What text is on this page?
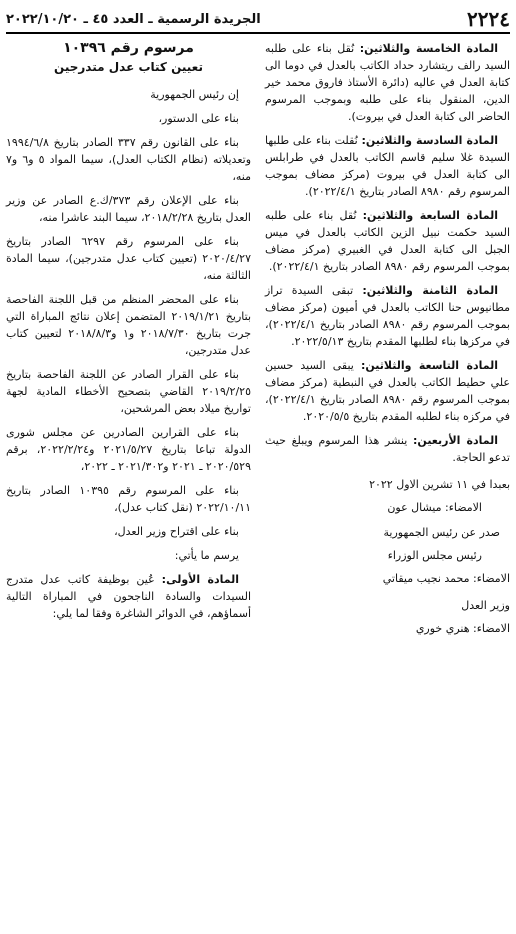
٢٢٢٤
الجريدة الرسمية ـ العدد ٤٥ ـ ٢٠٢٢/١٠/٢٠

المادة الخامسة والثلاثين: نُقل بناء على طلبه السيد رالف ريتشارد حداد الكاتب بالعدل في دوما الى كتابة العدل في عاليه (دائرة الأستاذ فاروق محمد خير الدين، المنقول بناء على طلبه وبموجب المرسوم الحاضر الى كتابة العدل في بيروت).

المادة السادسة والثلاثين: نُقلت بناء على طلبها السيدة غلا سليم قاسم الكاتب بالعدل في طرابلس الى كتابة العدل في بيروت (مركز مضاف بموجب المرسوم رقم ٨٩٨٠ الصادر بتاريخ ٢٠٢٢/٤/١).

المادة السابعة والثلاثين: نُقل بناء على طلبه السيد حكمت نبيل الزين الكاتب بالعدل في ميس الجبل الى كتابة العدل في الغبيري (مركز مضاف بموجب المرسوم رقم ٨٩٨٠ الصادر بتاريخ ٢٠٢٢/٤/١).

المادة الثامنة والثلاثين: تبقى السيدة تراز مطانيوس حنا الكاتب بالعدل في أميون (مركز مضاف بموجب المرسوم رقم ٨٩٨٠ الصادر بتاريخ ٢٠٢٢/٤/١)، في مركزها بناء لطلبها المقدم بتاريخ ٢٠٢٢/٥/١٣.

المادة التاسعة والثلاثين: يبقى السيد حسين علي حطيط الكاتب بالعدل في النبطية (مركز مضاف بموجب المرسوم رقم ٨٩٨٠ الصادر بتاريخ ٢٠٢٢/٤/١)، في مركزه بناء لطلبه المقدم بتاريخ ٢٠٢٠/٥/٥.

المادة الأربعين: ينشر هذا المرسوم ويبلغ حيث تدعو الحاجة.

بعبدا في ١١ تشرين الاول ٢٠٢٢

الامضاء: ميشال عون

صدر عن رئيس الجمهورية

رئيس مجلس الوزراء

الامضاء: محمد نجيب ميقاتي

وزير العدل

الامضاء: هنري خوري

مرسوم رقم ١٠٣٩٦
تعيين كتاب عدل متدرجين

إن رئيس الجمهورية

بناء على الدستور،

بناء على القانون رقم ٣٣٧ الصادر بتاريخ ١٩٩٤/٦/٨ وتعديلاته (نظام الكتاب العدل)، سيما المواد ٥ و٦ و٧ منه،

بناء على الإعلان رقم ٣٧٣/ك.ع الصادر عن وزير العدل بتاريخ ٢٠١٨/٢/٢٨، سيما البند عاشرا منه،

بناء على المرسوم رقم ٦٢٩٧ الصادر بتاريخ ٢٠٢٠/٤/٢٧ (تعيين كتاب عدل متدرجين)، سيما المادة الثالثة منه،

بناء على المحضر المنظم من قبل اللجنة الفاحصة بتاريخ ٢٠١٩/١/٢١ المتضمن إعلان نتائج المباراة التي جرت بتاريخ ٢٠١٨/٧/٣٠ و١ و٢٠١٨/٨/٣ لتعيين كتاب عدل متدرجين،

بناء على القرار الصادر عن اللجنة الفاحصة بتاريخ ٢٠١٩/٢/٢٥ القاضي بتصحيح الأخطاء المادية لجهة تواريخ ميلاد بعض المرشحين،

بناء على القرارين الصادرين عن مجلس شورى الدولة تباعا بتاريخ ٢٠٢١/٥/٢٧ و٢٠٢٢/٢/٢٤، برقم ٢٠٢٠/٥٢٩ ـ ٢٠٢١ و٢٠٢١/٣٠٢ ـ ٢٠٢٢،

بناء على المرسوم رقم ١٠٣٩٥ الصادر بتاريخ ٢٠٢٢/١٠/١١ (نقل كتاب عدل)،

بناء على اقتراح وزير العدل،

يرسم ما يأتي:

المادة الأولى: عُين بوظيفة كاتب عدل متدرج السيدات والسادة الناجحون في المباراة التالية أسماؤهم، في الدوائر الشاغرة وفقا لما يلي:
